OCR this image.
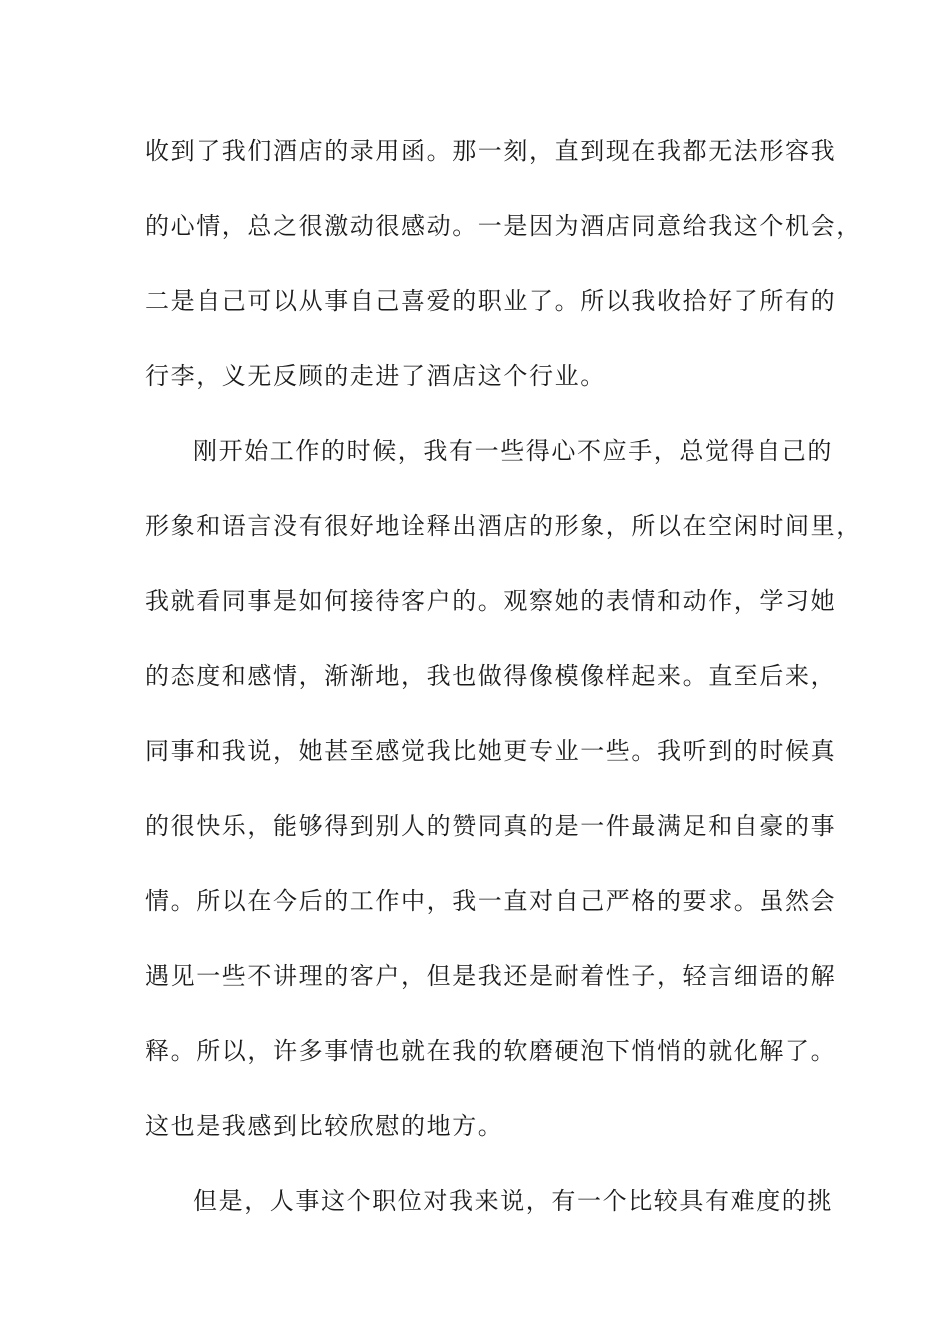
收到了我们酒店的录用函。那一刻，直到现在我都无法形容我
的心情，总之很激动很感动。一是因为酒店同意给我这个机会，
二是自己可以从事自己喜爱的职业了。所以我收拾好了所有的
行李，义无反顾的走进了酒店这个行业。
刚开始工作的时候，我有一些得心不应手，总觉得自己的
形象和语言没有很好地诠释出酒店的形象，所以在空闲时间里，
我就看同事是如何接待客户的。观察她的表情和动作，学习她
的态度和感情，渐渐地，我也做得像模像样起来。直至后来，
同事和我说，她甚至感觉我比她更专业一些。我听到的时候真
的很快乐，能够得到别人的赞同真的是一件最满足和自豪的事
情。所以在今后的工作中，我一直对自己严格的要求。虽然会
遇见一些不讲理的客户，但是我还是耐着性子，轻言细语的解
释。所以，许多事情也就在我的软磨硬泡下悄悄的就化解了。
这也是我感到比较欣慰的地方。
但是，人事这个职位对我来说，有一个比较具有难度的挑
